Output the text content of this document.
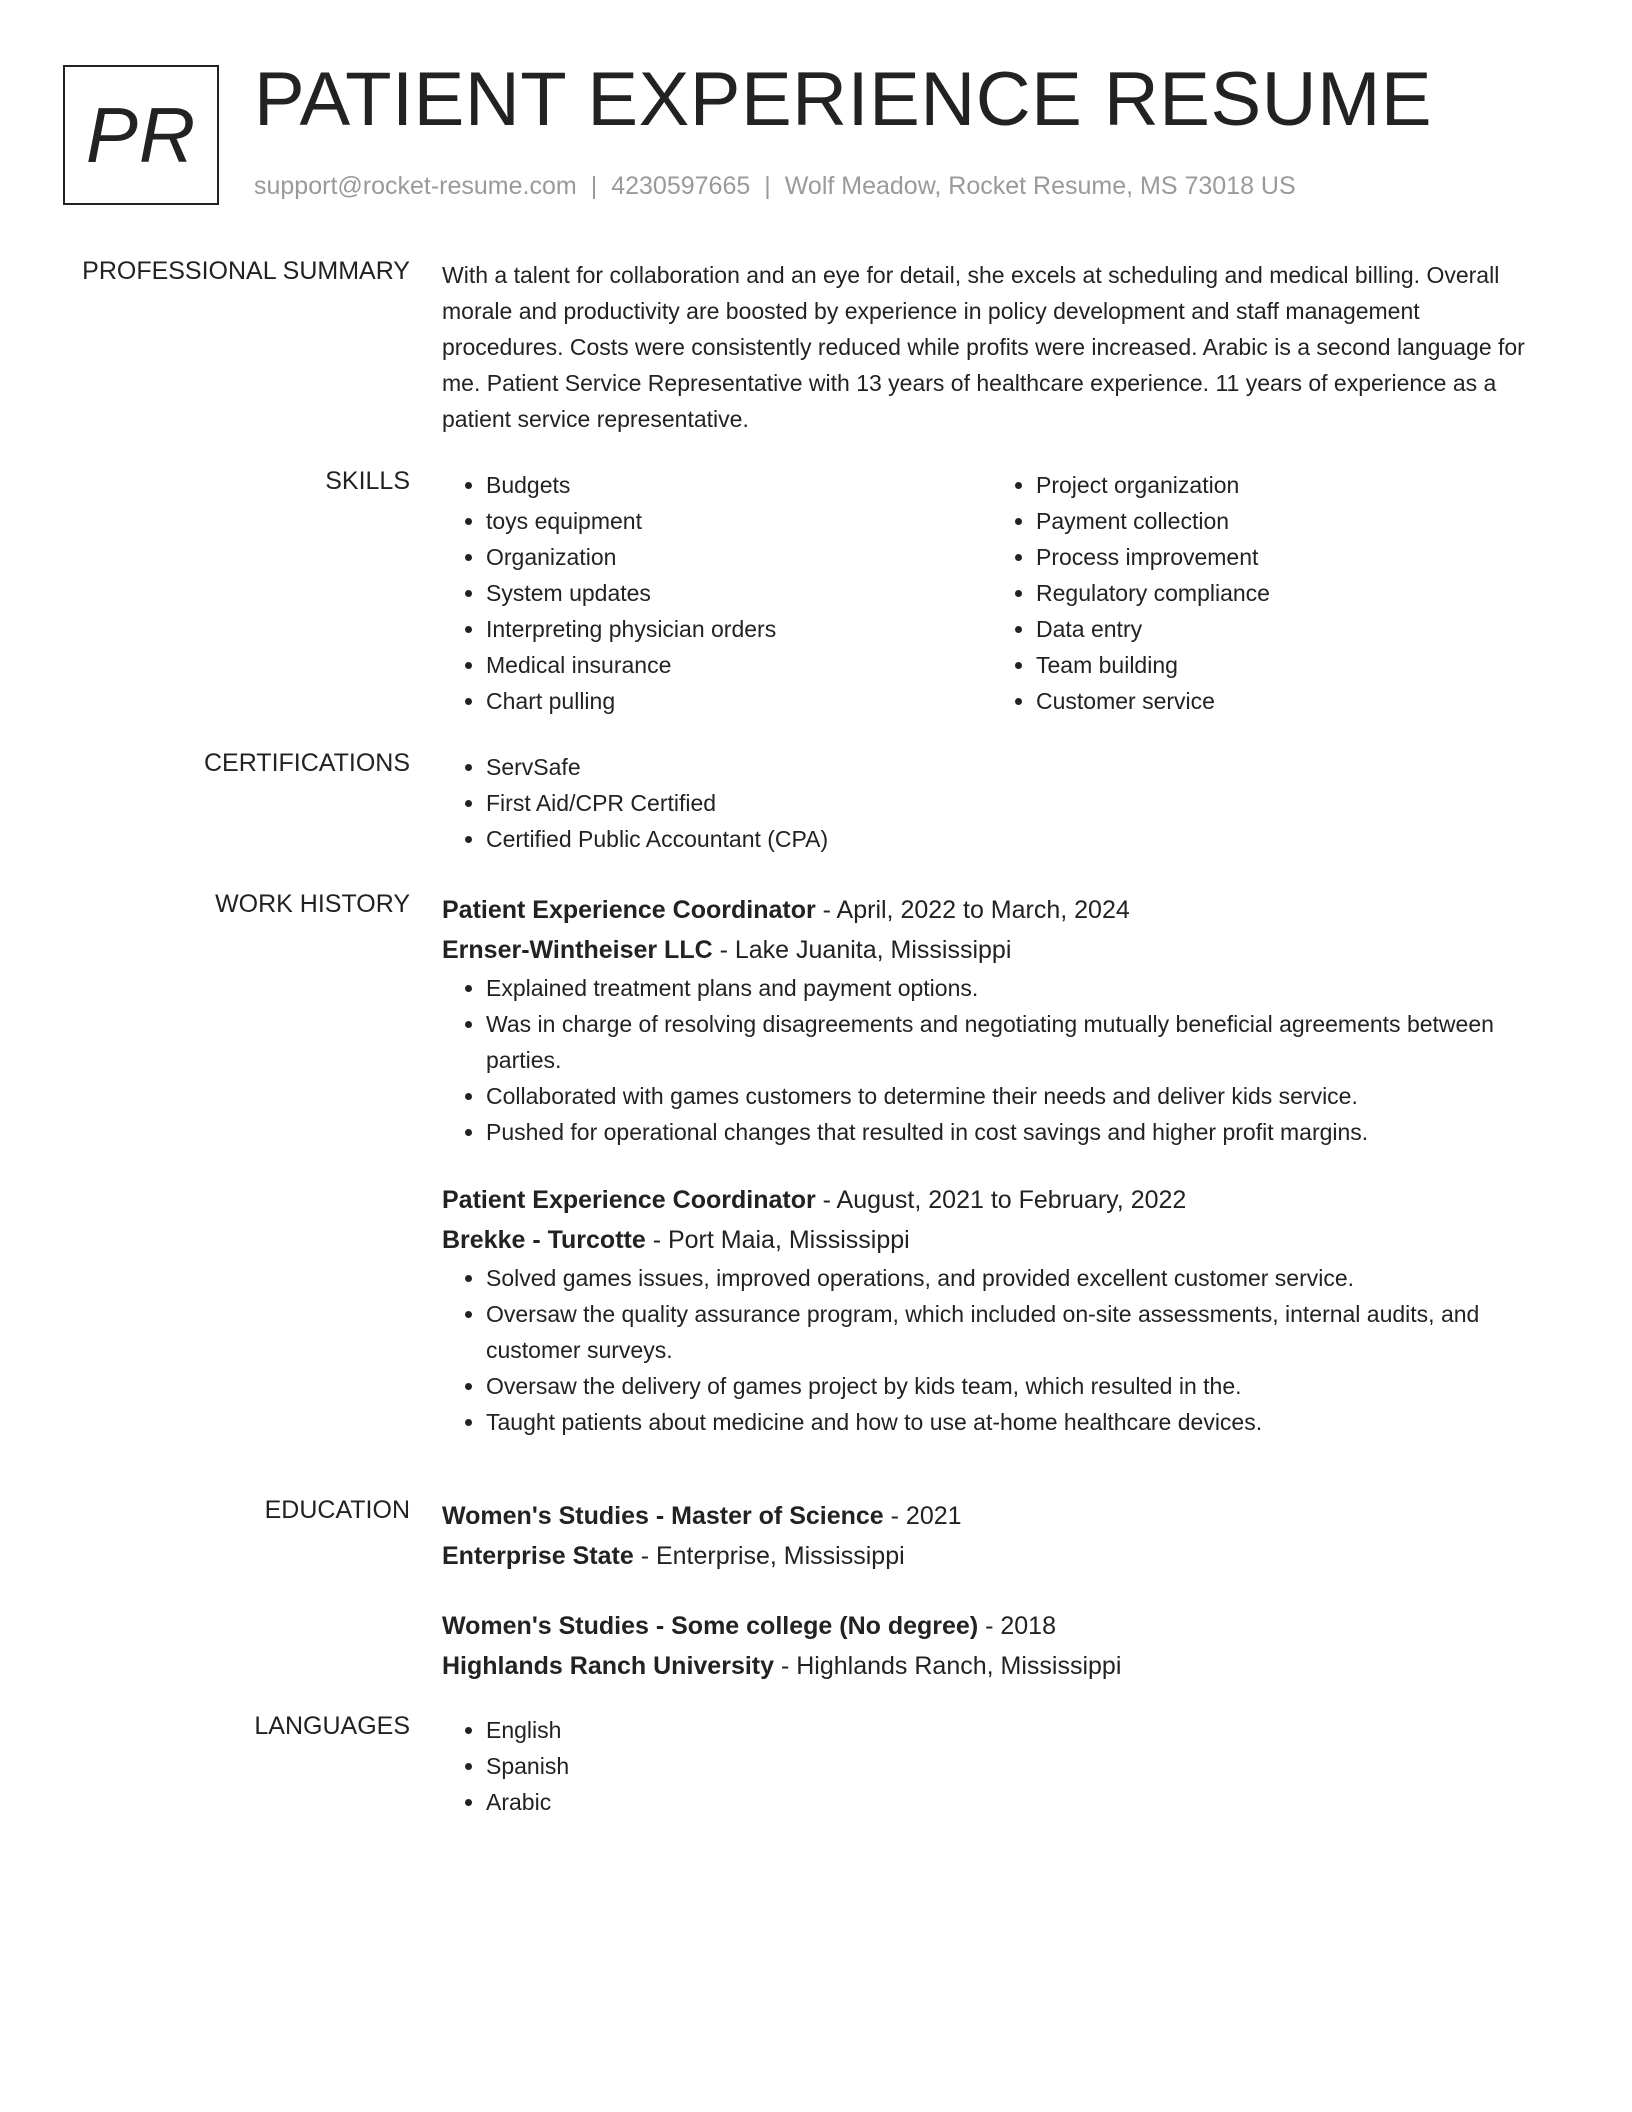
PR PATIENT EXPERIENCE RESUME
support@rocket-resume.com | 4230597665 | Wolf Meadow, Rocket Resume, MS 73018 US
PROFESSIONAL SUMMARY With a talent for collaboration and an eye for detail, she excels at scheduling and medical billing. Overall morale and productivity are boosted by experience in policy development and staff management procedures. Costs were consistently reduced while profits were increased. Arabic is a second language for me. Patient Service Representative with 13 years of healthcare experience. 11 years of experience as a patient service representative.

SKILLS	• Budgets
• toys equipment
• Organization
• System updates
• Interpreting physician orders
• Medical insurance
• Chart pulling
• Project organization
• Payment collection
• Process improvement
• Regulatory compliance
• Data entry
• Team building
• Customer service
CERTIFICATIONS	• ServSafe
• First Aid/CPR Certified
• Certified Public Accountant (CPA)
WORK HISTORY Patient Experience Coordinator - April, 2022 to March, 2024
Ernser-Wintheiser LLC - Lake Juanita, Mississippi
• Explained treatment plans and payment options.
• Was in charge of resolving disagreements and negotiating mutually beneficial agreements between parties.
• Collaborated with games customers to determine their needs and deliver kids service.
• Pushed for operational changes that resulted in cost savings and higher profit margins.
Patient Experience Coordinator - August, 2021 to February, 2022
Brekke - Turcotte - Port Maia, Mississippi
• Solved games issues, improved operations, and provided excellent customer service.
• Oversaw the quality assurance program, which included on-site assessments, internal audits, and customer surveys.
• Oversaw the delivery of games project by kids team, which resulted in the.
• Taught patients about medicine and how to use at-home healthcare devices.
EDUCATION Women's Studies - Master of Science - 2021
Enterprise State - Enterprise, Mississippi
Women's Studies - Some college (No degree) - 2018
Highlands Ranch University - Highlands Ranch, Mississippi
LANGUAGES	• English
• Spanish
• Arabic
